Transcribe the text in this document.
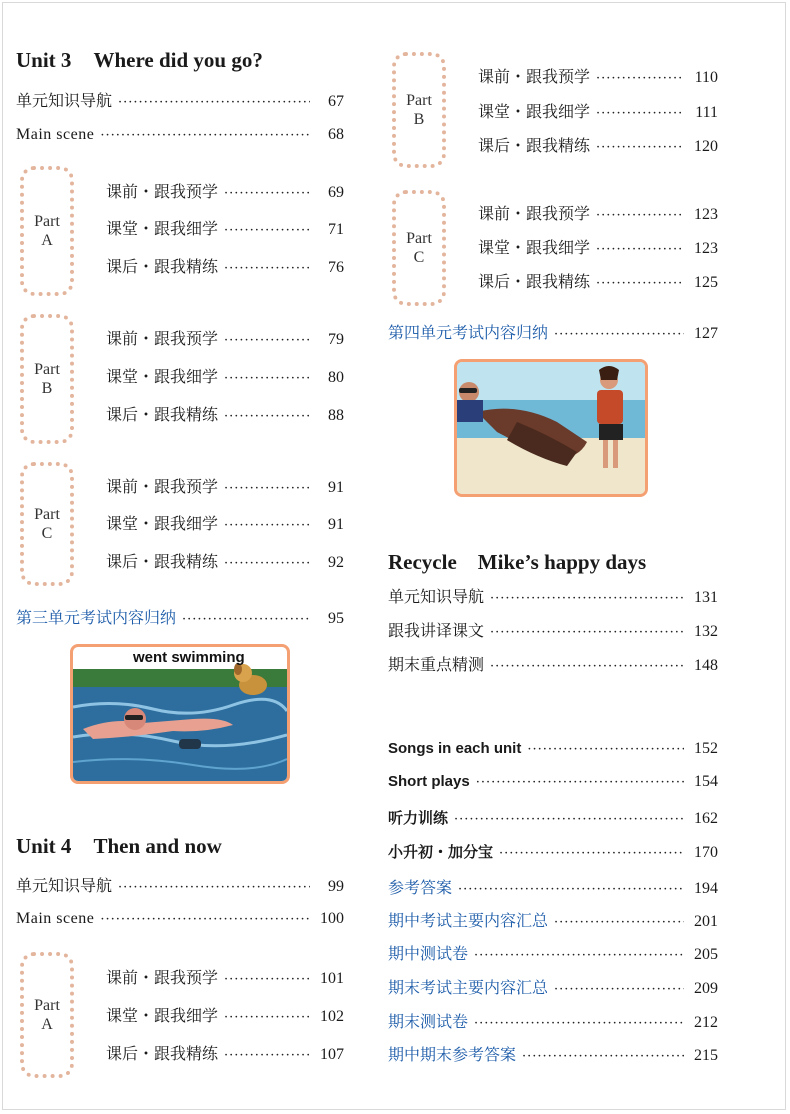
Unit 3 Where did you go?
单元知识导航 ·····	67
Main scene ·····	68
Part
A
课前・跟我预学 ·····	69
课堂・跟我细学 ·····	71
课后・跟我精练 ·····	76
Part
B
课前・跟我预学 ·····	79
课堂・跟我细学 ·····	80
课后・跟我精练 ·····	88
Part
C
课前・跟我预学 ·····	91
课堂・跟我细学 ·····	91
课后・跟我精练 ·····	92
第三单元考试内容归纳 ·····	95
went swimming
Unit 4 Then and now
单元知识导航 ·····	99
Main scene ·····	100
Part
A
课前・跟我预学 ·····	101
课堂・跟我细学 ·····	102
课后・跟我精练 ·····	107
Part
B
课前・跟我预学 ·····	110
课堂・跟我细学 ·····	111
课后・跟我精练 ·····	120
Part
C
课前・跟我预学 ·····	123
课堂・跟我细学 ·····	123
课后・跟我精练 ·····	125
第四单元考试内容归纳 ·····	127
Recycle　Mike’s happy days
单元知识导航 ·····	131
跟我讲译课文 ·····	132
期末重点精测 ·····	148
Songs in each unit ·····	152
Short plays ·····	154
听力训练 ·····	162
小升初・加分宝 ·····	170
参考答案 ·····	194
期中考试主要内容汇总 ·····	201
期中测试卷 ·····	205
期末考试主要内容汇总 ·····	209
期末测试卷 ·····	212
期中期末参考答案 ·····	215
